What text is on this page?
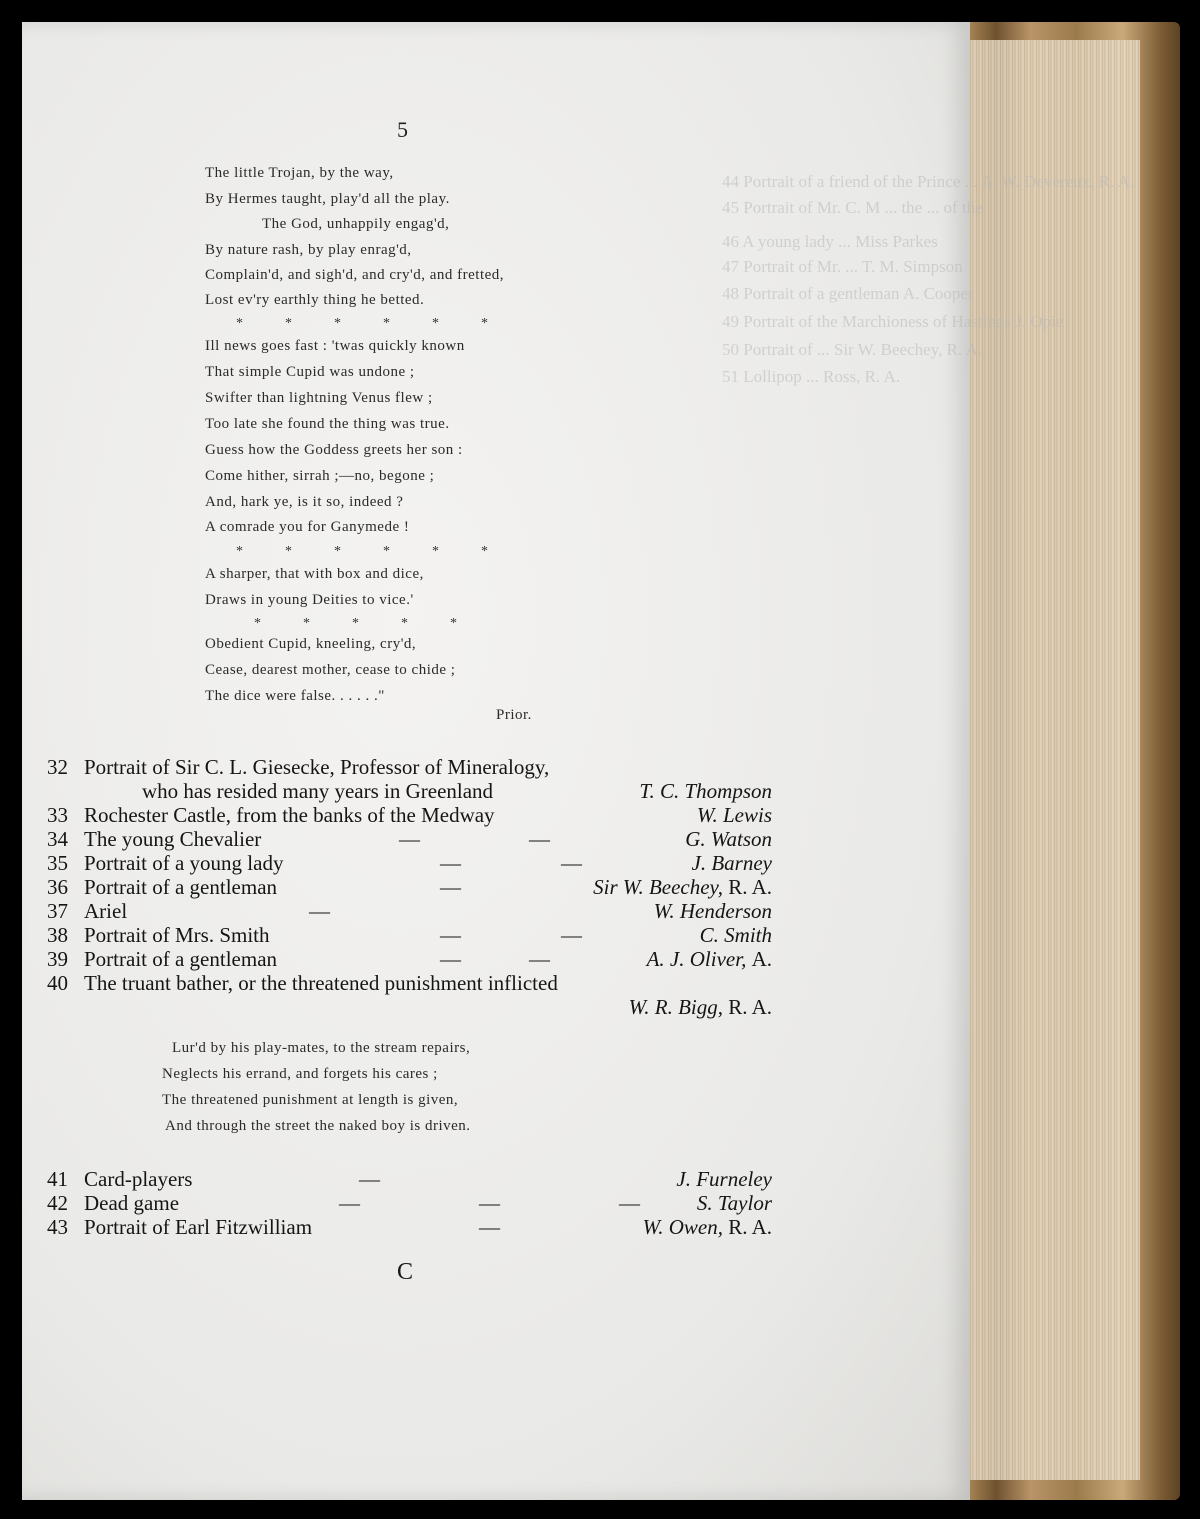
44 Portrait of a friend of the Prince ... A. W. Devereux, R. A.
45 Portrait of Mr. C. M ... the ... of the
46 A young lady ... Miss Parkes
47 Portrait of Mr. ... T. M. Simpson
48 Portrait of a gentleman A. Cooper
49 Portrait of the Marchioness of Hastings J. Opie
50 Portrait of ... Sir W. Beechey, R. A.
51 Lollipop ... Ross, R. A.
5
The little Trojan, by the way,
By Hermes taught, play'd all the play.
The God, unhappily engag'd,
By nature rash, by play enrag'd,
Complain'd, and sigh'd, and cry'd, and fretted,
Lost ev'ry earthly thing he betted.
*	*	*	*	*	*
Ill news goes fast : 'twas quickly known
That simple Cupid was undone ;
Swifter than lightning Venus flew ;
Too late she found the thing was true.
Guess how the Goddess greets her son :
Come hither, sirrah ;—no, begone ;
And, hark ye, is it so, indeed ?
A comrade you for Ganymede !
*	*	*	*	*	*
A sharper, that with box and dice,
Draws in young Deities to vice.'
*	*	*	*	*
Obedient Cupid, kneeling, cry'd,
Cease, dearest mother, cease to chide ;
The dice were false. . . . . ."
Prior.
32 Portrait of Sir C. L. Giesecke, Professor of Mineralogy,
who has resided many years in Greenland	T. C. Thompson
33 Rochester Castle, from the banks of the Medway	W. Lewis
34 The young Chevalier	—	—	G. Watson
35 Portrait of a young lady	—	—	J. Barney
36 Portrait of a gentleman	—	Sir W. Beechey, R. A.
37 Ariel	—	W. Henderson
38 Portrait of Mrs. Smith	—	—	C. Smith
39 Portrait of a gentleman	—	—	A. J. Oliver, A.
40 The truant bather, or the threatened punishment inflicted
W. R. Bigg, R. A.
Lur'd by his play-mates, to the stream repairs,
Neglects his errand, and forgets his cares ;
The threatened punishment at length is given,
And through the street the naked boy is driven.
41 Card-players	—	J. Furneley
42 Dead game	—	—	—	S. Taylor
43 Portrait of Earl Fitzwilliam	—	W. Owen, R. A.
C
